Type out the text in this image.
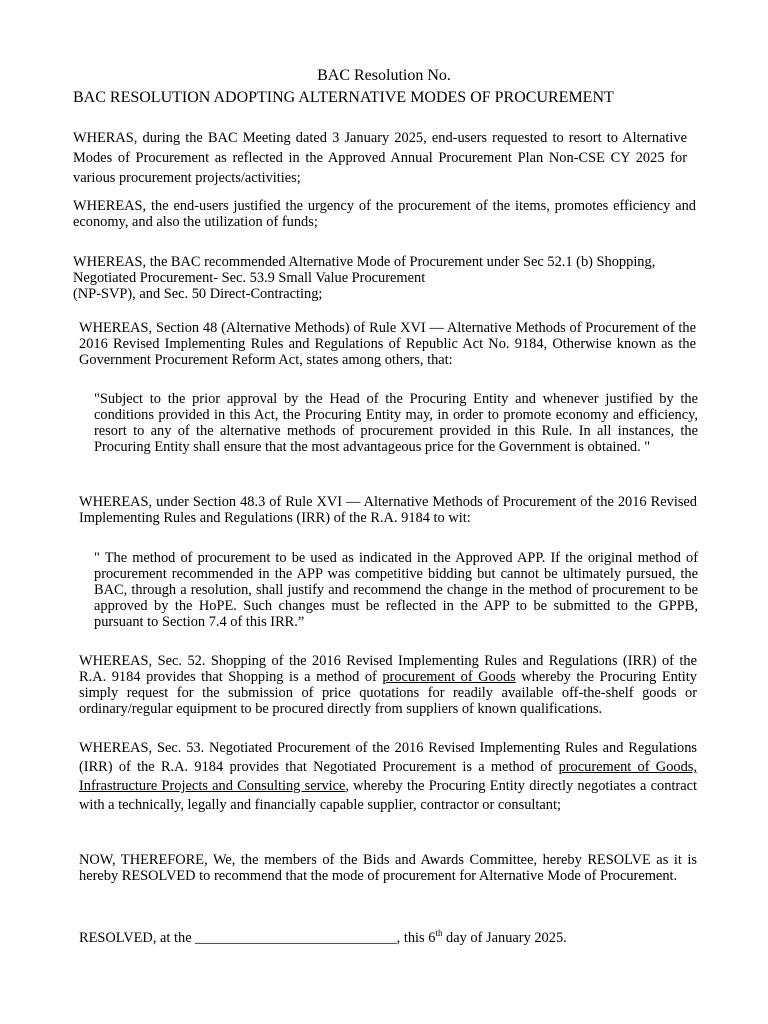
BAC Resolution No.
BAC RESOLUTION ADOPTING ALTERNATIVE MODES OF PROCUREMENT

WHERAS, during the BAC Meeting dated 3 January 2025, end-users requested to resort to Alternative Modes of Procurement as reflected in the Approved Annual Procurement Plan Non-CSE CY 2025 for various procurement projects/activities;

WHEREAS, the end-users justified the urgency of the procurement of the items, promotes efficiency and economy, and also the utilization of funds;

WHEREAS, the BAC recommended Alternative Mode of Procurement under Sec 52.1 (b) Shopping,
Negotiated Procurement- Sec. 53.9 Small Value Procurement
(NP-SVP), and Sec. 50 Direct-Contracting;

WHEREAS, Section 48 (Alternative Methods) of Rule XVI — Alternative Methods of Procurement of the 2016 Revised Implementing Rules and Regulations of Republic Act No. 9184, Otherwise known as the Government Procurement Reform Act, states among others, that:

"Subject to the prior approval by the Head of the Procuring Entity and whenever justified by the conditions provided in this Act, the Procuring Entity may, in order to promote economy and efficiency, resort to any of the alternative methods of procurement provided in this Rule. In all instances, the Procuring Entity shall ensure that the most advantageous price for the Government is obtained. "

WHEREAS, under Section 48.3 of Rule XVI — Alternative Methods of Procurement of the 2016 Revised Implementing Rules and Regulations (IRR) of the R.A. 9184 to wit:

" The method of procurement to be used as indicated in the Approved APP. If the original method of procurement recommended in the APP was competitive bidding but cannot be ultimately pursued, the BAC, through a resolution, shall justify and recommend the change in the method of procurement to be approved by the HoPE. Such changes must be reflected in the APP to be submitted to the GPPB, pursuant to Section 7.4 of this IRR.”

WHEREAS, Sec. 52. Shopping of the 2016 Revised Implementing Rules and Regulations (IRR) of the R.A. 9184 provides that Shopping is a method of procurement of Goods whereby the Procuring Entity simply request for the submission of price quotations for readily available off-the-shelf goods or ordinary/regular equipment to be procured directly from suppliers of known qualifications.

WHEREAS, Sec. 53. Negotiated Procurement of the 2016 Revised Implementing Rules and Regulations (IRR) of the R.A. 9184 provides that Negotiated Procurement is a method of procurement of Goods, Infrastructure Projects and Consulting service, whereby the Procuring Entity directly negotiates a contract with a technically, legally and financially capable supplier, contractor or consultant;

NOW, THEREFORE, We, the members of the Bids and Awards Committee, hereby RESOLVE as it is hereby RESOLVED to recommend that the mode of procurement for Alternative Mode of Procurement.

RESOLVED, at the ____________________________, this 6th day of January 2025.
